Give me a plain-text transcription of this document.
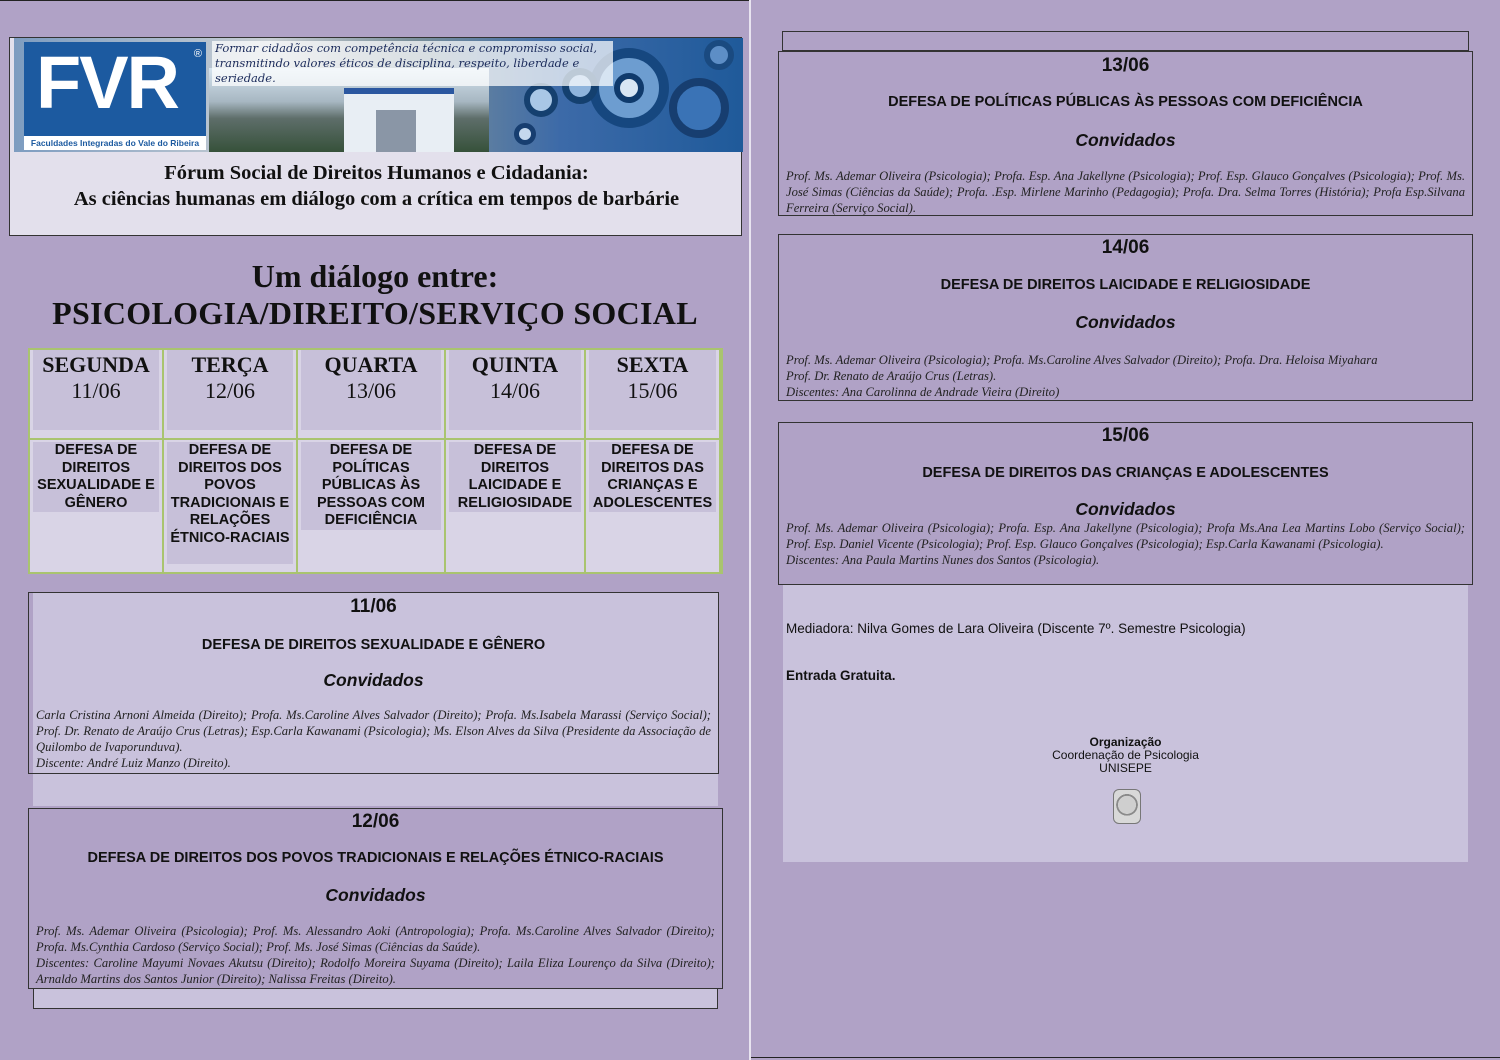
FVR ®
Faculdades Integradas do Vale do Ribeira
Formar cidadãos com competência técnica e compromisso social,
transmitindo valores éticos de disciplina, respeito, liberdade e seriedade.
Fórum Social de Direitos Humanos e Cidadania:
As ciências humanas em diálogo com a crítica em tempos de barbárie
Um diálogo entre:
PSICOLOGIA/DIREITO/SERVIÇO SOCIAL
SEGUNDA
11/06
DEFESA DE DIREITOS SEXUALIDADE E GÊNERO
TERÇA
12/06
DEFESA DE DIREITOS DOS POVOS TRADICIONAIS E RELAÇÕES ÉTNICO-RACIAIS
QUARTA
13/06
DEFESA DE POLÍTICAS PÚBLICAS ÀS PESSOAS COM DEFICIÊNCIA
QUINTA
14/06
DEFESA DE DIREITOS LAICIDADE E RELIGIOSIDADE
SEXTA
15/06
DEFESA DE DIREITOS DAS CRIANÇAS E ADOLESCENTES
11/06
DEFESA DE DIREITOS SEXUALIDADE E GÊNERO
Convidados

Carla Cristina Arnoni Almeida (Direito); Profa. Ms.Caroline Alves Salvador (Direito); Profa. Ms.Isabela Marassi (Serviço Social); Prof. Dr. Renato de Araújo Crus (Letras); Esp.Carla Kawanami (Psicologia); Ms. Elson Alves da Silva (Presidente da Associação de Quilombo de Ivaporunduva).

Discente: André Luiz Manzo (Direito).

12/06
DEFESA DE DIREITOS DOS POVOS TRADICIONAIS E RELAÇÕES ÉTNICO-RACIAIS
Convidados

Prof. Ms. Ademar Oliveira (Psicologia); Prof. Ms. Alessandro Aoki (Antropologia); Profa. Ms.Caroline Alves Salvador (Direito); Profa. Ms.Cynthia Cardoso (Serviço Social); Prof. Ms. José Simas (Ciências da Saúde).

Discentes: Caroline Mayumi Novaes Akutsu (Direito); Rodolfo Moreira Suyama (Direito); Laila Eliza Lourenço da Silva (Direito); Arnaldo Martins dos Santos Junior (Direito); Nalissa Freitas (Direito).

13/06
DEFESA DE POLÍTICAS PÚBLICAS ÀS PESSOAS COM DEFICIÊNCIA
Convidados

Prof. Ms. Ademar Oliveira (Psicologia); Profa. Esp. Ana Jakellyne (Psicologia); Prof. Esp. Glauco Gonçalves (Psicologia); Prof. Ms. José Simas (Ciências da Saúde); Profa. .Esp. Mirlene Marinho (Pedagogia); Profa. Dra. Selma Torres (História); Profa Esp.Silvana Ferreira (Serviço Social).

14/06
DEFESA DE DIREITOS LAICIDADE E RELIGIOSIDADE
Convidados

Prof. Ms. Ademar Oliveira (Psicologia); Profa. Ms.Caroline Alves Salvador (Direito); Profa. Dra. Heloisa Miyahara

Prof. Dr. Renato de Araújo Crus (Letras).

Discentes: Ana Carolinna de Andrade Vieira (Direito)

Mediadora: Nilva Gomes de Lara Oliveira (Discente 7º. Semestre Psicologia)
Entrada Gratuita.
Organização
Coordenação de Psicologia
UNISEPE
15/06
DEFESA DE DIREITOS DAS CRIANÇAS E ADOLESCENTES
Convidados

Prof. Ms. Ademar Oliveira (Psicologia); Profa. Esp. Ana Jakellyne (Psicologia); Profa Ms.Ana Lea Martins Lobo (Serviço Social); Prof. Esp. Daniel Vicente (Psicologia); Prof. Esp. Glauco Gonçalves (Psicologia); Esp.Carla Kawanami (Psicologia).

Discentes: Ana Paula Martins Nunes dos Santos (Psicologia).
